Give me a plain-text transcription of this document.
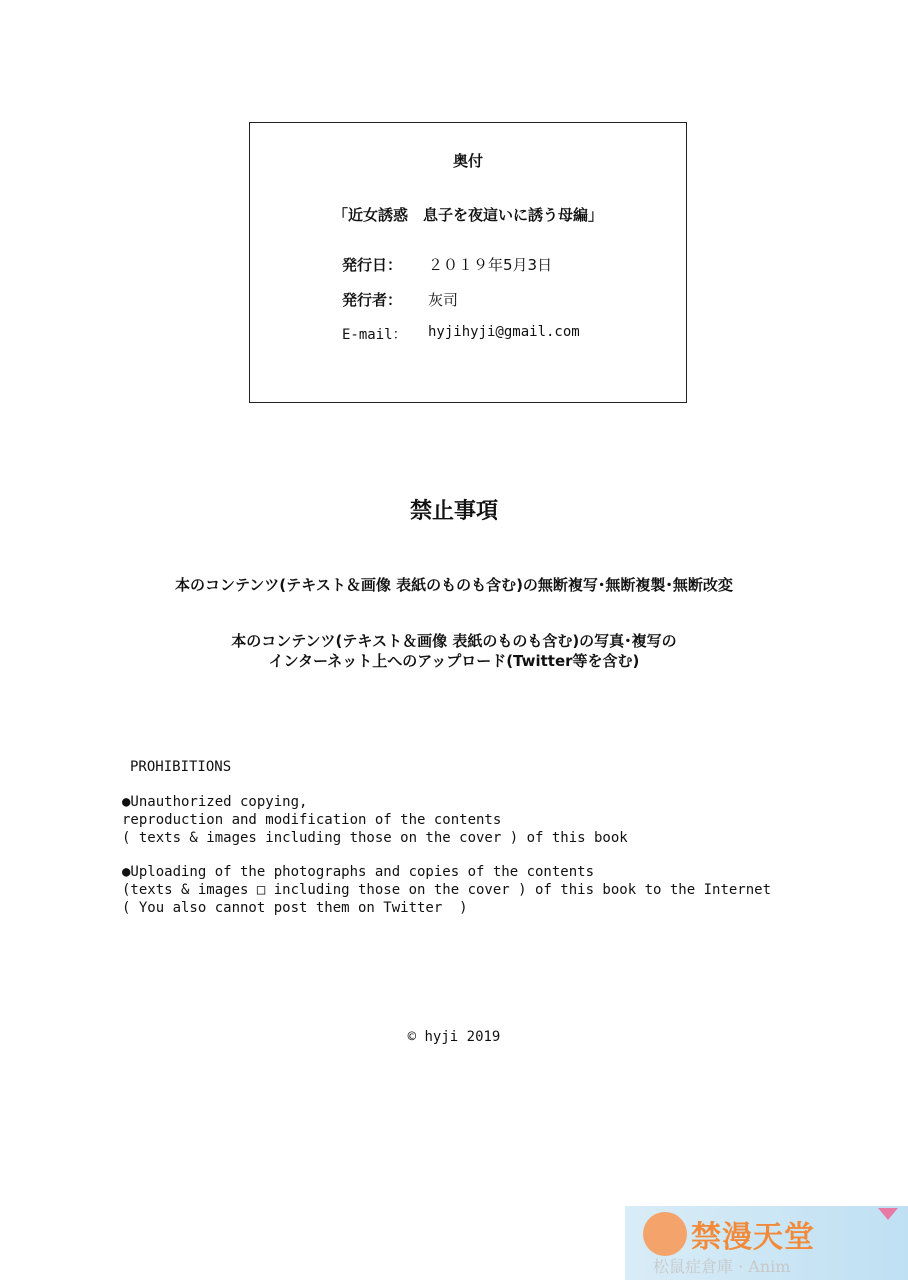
奥付
「近女誘惑　息子を夜這いに誘う母編」
発行日：	２０１９年5月3日
発行者：	灰司
E-mail：	hyjihyji@gmail.com
禁止事項
本のコンテンツ(テキスト＆画像 表紙のものも含む)の無断複写･無断複製･無断改変
本のコンテンツ(テキスト＆画像 表紙のものも含む)の写真･複写の
インターネット上へのアップロード(Twitter等を含む)
PROHIBITIONS
●Unauthorized copying,
reproduction and modification of the contents
( texts & images including those on the cover ) of this book
●Uploading of the photographs and copies of the contents
(texts & images □ including those on the cover ) of this book to the Internet
( You also cannot post them on Twitter  )
© hyji 2019
禁漫天堂
松鼠症倉庫 · Anim
